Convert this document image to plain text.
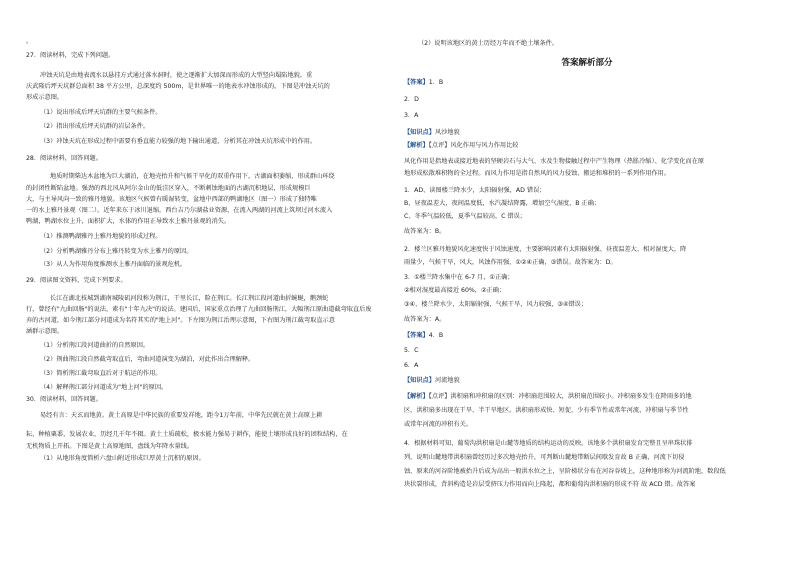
。
27．阅读材料，完成下列问题。
冲蚀天坑是由地表流水以悬挂方式通过落水洞时，使之逐渐扩大加深而形成的大型竖向塌陷地貌。重
庆武隆后坪天坑群总面积 38 平方公里，总深度约 500m，是世界唯一的地表水冲蚀形成的。下图是冲蚀天坑的
形成示意图。
（1）说出形成后坪天坑群的主要气候条件。
（2）指出形成后坪天坑群的岩层条件。
（3）冲蚀天坑在形成过程中需要有垂直能力较强的地下输出通道，分析其在冲蚀天坑形成中的作用。
28．阅读材料，回答问题。
地质时期柴达木盆地为巨大湖泊，在地壳抬升和气候干旱化的双重作用下，古湖面积萎缩，形成群山环绕
的封闭性断陷盆地。强劲的西北风从阿尔金山的低洼区穿入，不断刺蚀地面的古湖沉积地层，形成规模巨
大，与主导风向一致的雅丹地貌。该地区气候曾有暖湿转变，盆地中西部的鸭湖地区（图一）形成了独特唯
一的水上雅丹景观（图二）。近年来东于冰川退缩，西台吉乃尔湖盐业资源，在流入两湖的河流上筑坝过河水流入
鸭湖，鸭湖水位上升，面积扩大，水体的作用正导致水上雅丹景观的消失。
（1）推测鸭湖雅丹上雅丹地貌的形成过程。
（2）分析鸭湖雅丹分布上雅丹转变为水上雅丹的原因。
（3）从人为作用角度推测水上雅丹面临的景观危机。
29．阅读图文资料，完成下列要求。
长江在湖北枝城到湖南城陵矶河段称为荆江，干里长江，险在荆江。长江荆江段河道曲折蜿蜒，鹅颈蛇
行，曾经有"九曲回肠"的说法，素有"十年九决"的说法。建国后，国家重点治理了九曲回肠荆江，大幅荆江原曲道截弯取直后废
弃的古河道，如今荆江部分河道成为名符其实的"地上河"。下左图为荆江治理示意图，下右图为荆江截弯取直示意
涵群示意图。
（1）分析荆江段河道曲折的自然原因。
（2）荆曲荆江段自然截弯取直后，弯曲河道演变为湖泊，对此作出合理解释。
（3）简析荆江截弯取直后对于航运的作用。
（4）解释荆江部分河道成为"地上河"的原因。
30．阅读材料，回答问题。
易经有言：天玄而地黄。黄土高原是中华民族的重要发祥地，距今1万年前，中华先民就在黄土高原上耕
耘，种植粟黍，发展农业，历经几千年不辍。黄土土质疏松，极水能力强易于耕作，能使土壤形成良好的团粒结构，在
无机物质上开拓。下图是黄土高原地图，盘线为年降水量线。
（1）从地形角度简析六盘山附近形成巨厚黄土沉积的原因。
（2）说明该地区的黄土历经万年而不绝土壤条件。
答案解析部分
【答案】1．B
2．D
3．A
【知识点】风沙地貌
【解析】【点评】风化作用与风力作用比较
风化作用是指地表或接近地表的坚硬岩石与大气、水及生物接触过程中产生物理（热胀冷缩）、化学变化而在原
地形成松散堆积物的全过程。而风力作用是指自然风的风力侵蚀、搬运和堆积的一系列作用作用。
1．AD、读图楼兰降水少，太阳辐射强，AD 错误；
B、昼夜温差大，夜间温度低，水汽凝结降露，增加空气湿度，B 正确；
C、冬季气温较低，夏季气温较高，C 错误；
故答案为：B。
2．楼兰区雅丹地貌风化速度快于风蚀速度，主要影响因素有太阳辐射强、昼夜温差大、相对湿度大，降
雨量少，气候干旱，风大，风蚀作用强，①②④正确，③错误。故答案为：D。
3．①楼兰降水集中在 6-7 月，①正确；
②相对湿度最高接近 60%，②正确；
③④、楼兰降水少，太阳辐射强，气候干旱，风力较强，③④错误；
故答案为：A。
【答案】4．B
5．C
6．A
【知识点】河流地貌
【解析】【点评】洪积扇和冲积扇的区别：冲积扇范围较大，洪积扇范围较小。冲积扇多发生在降雨多的地
区，洪积扇多出现在干旱、半干旱地区。洪积扇形成快、短促，少有季节性或常年河流，冲积扇与季节性
或常年河流的冲积有关。
4．根据材料可知，葡萄沟洪积扇是山麓等地质的结构运动的反映。该地多个洪积扇发育完整且呈串珠状排
列，说明山麓地带洪积扇曾经历过多次地壳抬升，可判断山麓地带断层间歇发育故 B 正确，河流下切侵
蚀，原来的河谷阶地被抬升后成为高出一般洪水位之上，呈阶梯状分布在河谷谷坡上，这种地形称为河流阶地，数段低
块状裂形成，背斜构造是岩层受挤压力作用而向上隆起，都和葡萄沟洪积扇的形成不符 故 ACD 错。故答案
